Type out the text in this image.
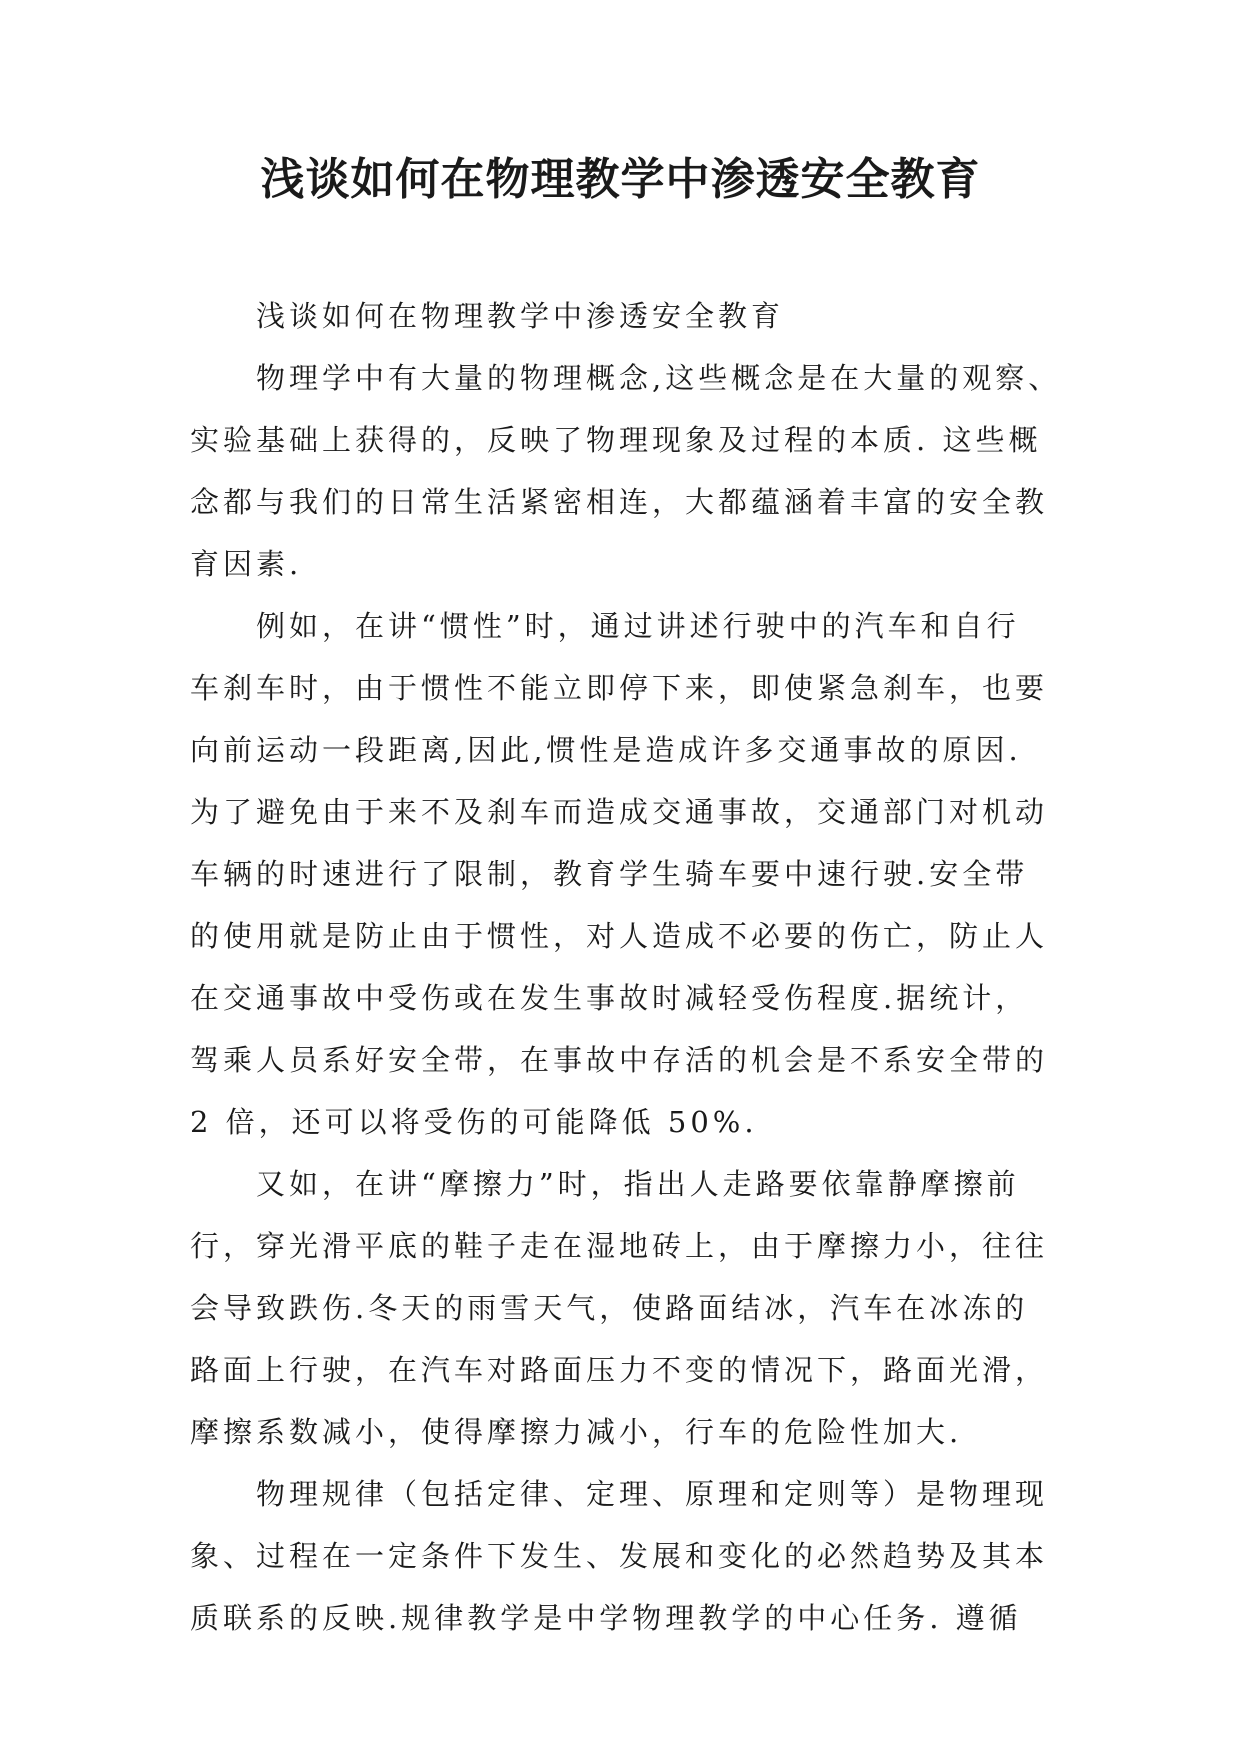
浅谈如何在物理教学中渗透安全教育
浅谈如何在物理教学中渗透安全教育
物理学中有大量的物理概念,这些概念是在大量的观察、
实验基础上获得的，反映了物理现象及过程的本质. 这些概
念都与我们的日常生活紧密相连，大都蕴涵着丰富的安全教
育因素.
例如，在讲“惯性”时，通过讲述行驶中的汽车和自行
车刹车时，由于惯性不能立即停下来，即使紧急刹车，也要
向前运动一段距离,因此,惯性是造成许多交通事故的原因.
为了避免由于来不及刹车而造成交通事故，交通部门对机动
车辆的时速进行了限制，教育学生骑车要中速行驶.安全带
的使用就是防止由于惯性，对人造成不必要的伤亡，防止人
在交通事故中受伤或在发生事故时减轻受伤程度.据统计，
驾乘人员系好安全带，在事故中存活的机会是不系安全带的
2 倍，还可以将受伤的可能降低 50%.
又如，在讲“摩擦力”时，指出人走路要依靠静摩擦前
行，穿光滑平底的鞋子走在湿地砖上，由于摩擦力小，往往
会导致跌伤.冬天的雨雪天气，使路面结冰，汽车在冰冻的
路面上行驶，在汽车对路面压力不变的情况下，路面光滑，
摩擦系数减小，使得摩擦力减小，行车的危险性加大.
物理规律（包括定律、定理、原理和定则等）是物理现
象、过程在一定条件下发生、发展和变化的必然趋势及其本
质联系的反映.规律教学是中学物理教学的中心任务. 遵循
